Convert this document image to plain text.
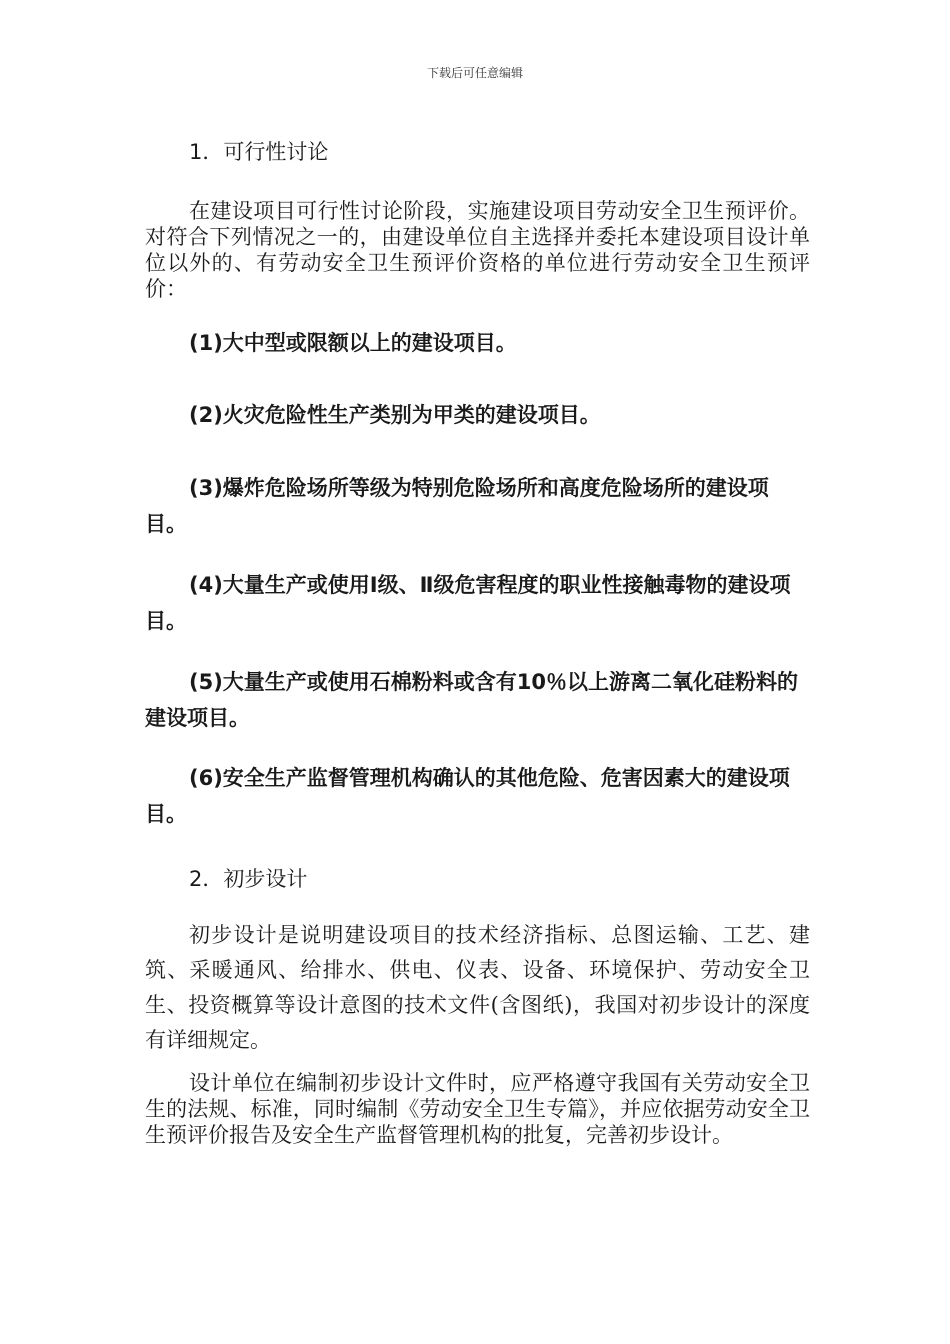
下载后可任意编辑
1．可行性讨论
在建设项目可行性讨论阶段，实施建设项目劳动安全卫生预评价。对符合下列情况之一的，由建设单位自主选择并委托本建设项目设计单位以外的、有劳动安全卫生预评价资格的单位进行劳动安全卫生预评价：
(1)大中型或限额以上的建设项目。
(2)火灾危险性生产类别为甲类的建设项目。
(3)爆炸危险场所等级为特别危险场所和高度危险场所的建设项目。
(4)大量生产或使用Ⅰ级、Ⅱ级危害程度的职业性接触毒物的建设项目。
(5)大量生产或使用石棉粉料或含有10％以上游离二氧化硅粉料的建设项目。
(6)安全生产监督管理机构确认的其他危险、危害因素大的建设项目。
2．初步设计
初步设计是说明建设项目的技术经济指标、总图运输、工艺、建筑、采暖通风、给排水、供电、仪表、设备、环境保护、劳动安全卫生、投资概算等设计意图的技术文件(含图纸)，我国对初步设计的深度有详细规定。
设计单位在编制初步设计文件时，应严格遵守我国有关劳动安全卫生的法规、标准，同时编制《劳动安全卫生专篇》，并应依据劳动安全卫生预评价报告及安全生产监督管理机构的批复，完善初步设计。
